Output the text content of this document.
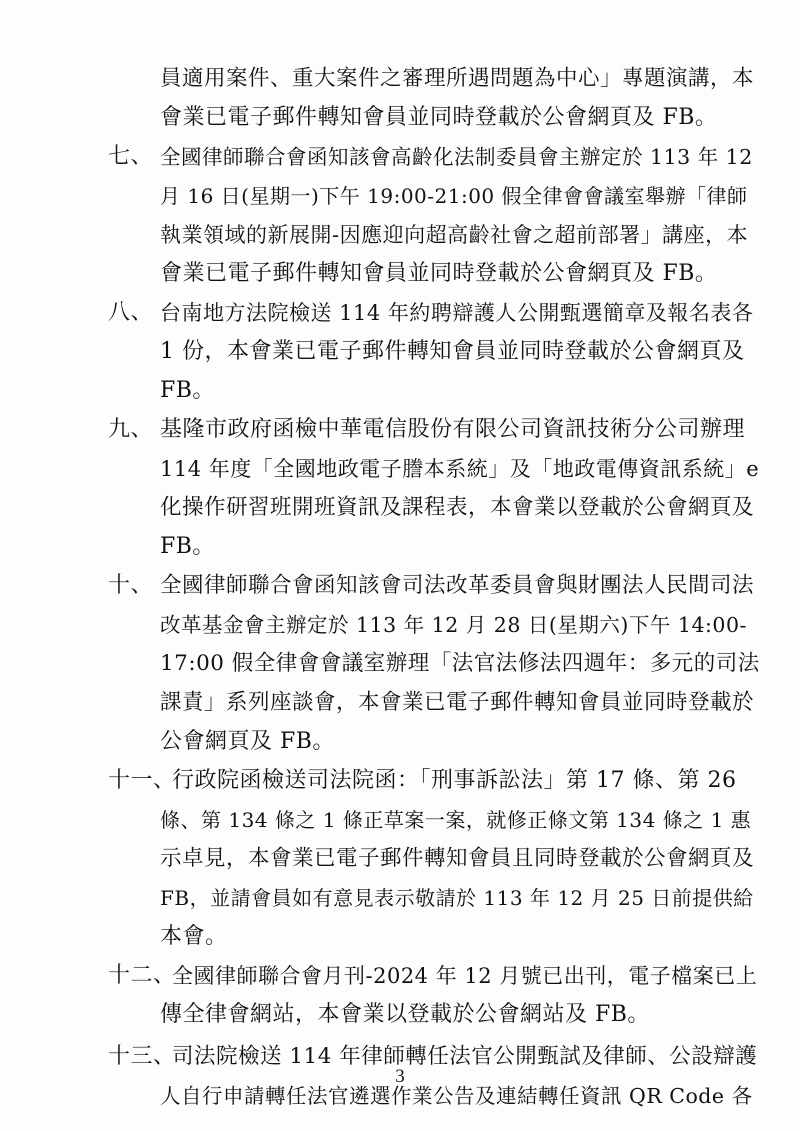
員適用案件、重大案件之審理所遇問題為中心」專題演講，本
會業已電子郵件轉知會員並同時登載於公會網頁及 FB。
七、 全國律師聯合會函知該會高齡化法制委員會主辦定於 113 年 12
月 16 日(星期一)下午 19:00-21:00 假全律會會議室舉辦「律師
執業領域的新展開-因應迎向超高齡社會之超前部署」講座，本
會業已電子郵件轉知會員並同時登載於公會網頁及 FB。
八、 台南地方法院檢送 114 年約聘辯護人公開甄選簡章及報名表各
1 份，本會業已電子郵件轉知會員並同時登載於公會網頁及
FB。
九、 基隆市政府函檢中華電信股份有限公司資訊技術分公司辦理
114 年度「全國地政電子謄本系統」及「地政電傳資訊系統」e
化操作研習班開班資訊及課程表，本會業以登載於公會網頁及
FB。
十、 全國律師聯合會函知該會司法改革委員會與財團法人民間司法
改革基金會主辦定於 113 年 12 月 28 日(星期六)下午 14:00-
17:00 假全律會會議室辦理「法官法修法四週年：多元的司法
課責」系列座談會，本會業已電子郵件轉知會員並同時登載於
公會網頁及 FB。
十一、
行政院函檢送司法院函：「刑事訴訟法」第 17 條、第 26
條、第 134 條之 1 條正草案一案，就修正條文第 134 條之 1 惠
示卓見，本會業已電子郵件轉知會員且同時登載於公會網頁及
FB，並請會員如有意見表示敬請於 113 年 12 月 25 日前提供給
本會。
十二、
全國律師聯合會月刊-2024 年 12 月號已出刊，電子檔案已上
傳全律會網站，本會業以登載於公會網站及 FB。
十三、
司法院檢送 114 年律師轉任法官公開甄試及律師、公設辯護
人自行申請轉任法官遴選作業公告及連結轉任資訊 QR Code 各
3
